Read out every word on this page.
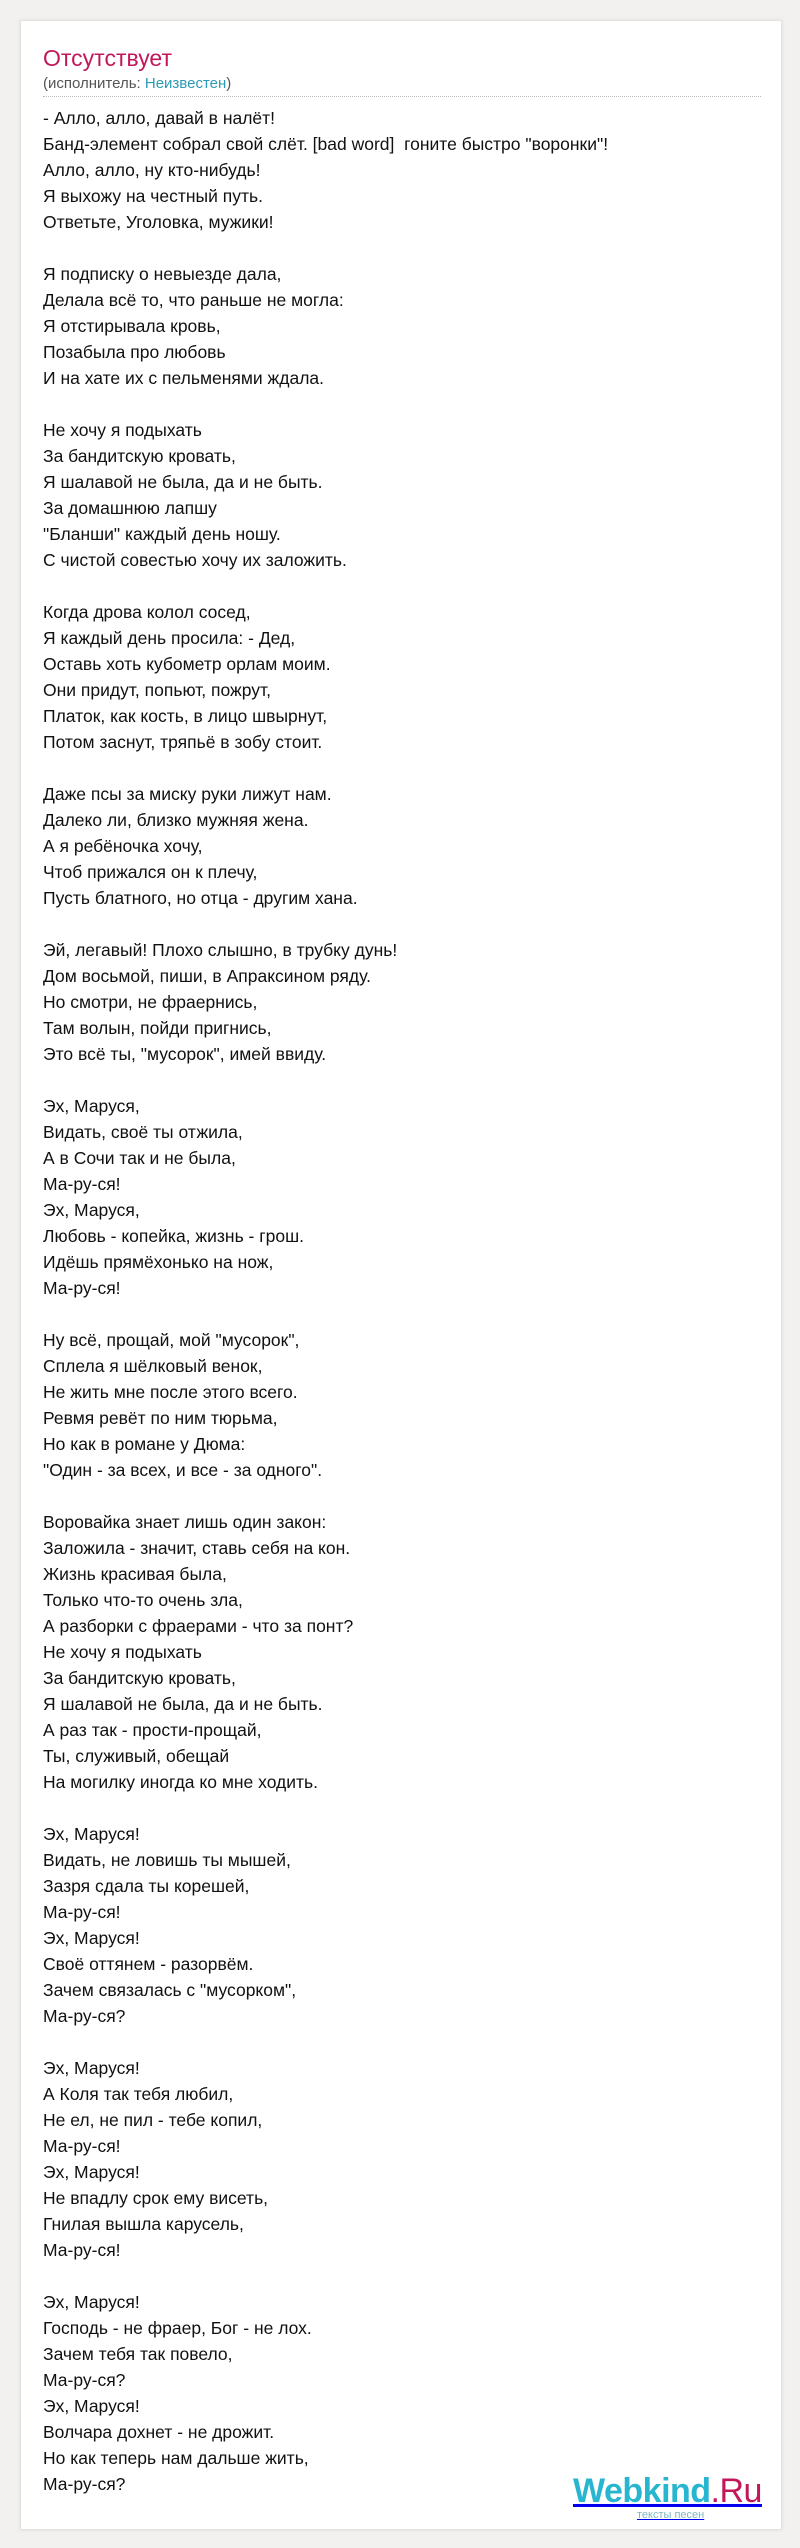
Отсутствует
(исполнитель: Неизвестен)
- Алло, алло, давай в налёт!
Банд-элемент собрал свой слёт. [bad word]  гоните быстро "воронки"!
Алло, алло, ну кто-нибудь!
Я выхожу на честный путь.
Ответьте, Уголовка, мужики!
Я подписку о невыезде дала,
Делала всё то, что раньше не могла:
Я отстирывала кровь,
Позабыла про любовь
И на хате их с пельменями ждала.
Не хочу я подыхать
За бандитскую кровать,
Я шалавой не была, да и не быть.
За домашнюю лапшу
"Бланши" каждый день ношу.
С чистой совестью хочу их заложить.
Когда дрова колол сосед,
Я каждый день просила: - Дед,
Оставь хоть кубометр орлам моим.
Они придут, попьют, пожрут,
Платок, как кость, в лицо швырнут,
Потом заснут, тряпьё в зобу стоит.
Даже псы за миску руки лижут нам.
Далеко ли, близко мужняя жена.
А я ребёночка хочу,
Чтоб прижался он к плечу,
Пусть блатного, но отца - другим хана.
Эй, легавый! Плохо слышно, в трубку дунь!
Дом восьмой, пиши, в Апраксином ряду.
Но смотри, не фраернись,
Там волын, пойди пригнись,
Это всё ты, "мусорок", имей ввиду.
Эх, Маруся,
Видать, своё ты отжила,
А в Сочи так и не была,
Ма-ру-ся!
Эх, Маруся,
Любовь - копейка, жизнь - грош.
Идёшь прямёхонько на нож,
Ма-ру-ся!
Ну всё, прощай, мой "мусорок",
Сплела я шёлковый венок,
Не жить мне после этого всего.
Ревмя ревёт по ним тюрьма,
Но как в романе у Дюма:
"Один - за всех, и все - за одного".
Воровайка знает лишь один закон:
Заложила - значит, ставь себя на кон.
Жизнь красивая была,
Только что-то очень зла,
А разборки с фраерами - что за понт?
Не хочу я подыхать
За бандитскую кровать,
Я шалавой не была, да и не быть.
А раз так - прости-прощай,
Ты, служивый, обещай
На могилку иногда ко мне ходить.
Эх, Маруся!
Видать, не ловишь ты мышей,
Зазря сдала ты корешей,
Ма-ру-ся!
Эх, Маруся!
Своё оттянем - разорвём.
Зачем связалась с "мусорком",
Ма-ру-ся?
Эх, Маруся!
А Коля так тебя любил,
Не ел, не пил - тебе копил,
Ма-ру-ся!
Эх, Маруся!
Не впадлу срок ему висеть,
Гнилая вышла карусель,
Ма-ру-ся!
Эх, Маруся!
Господь - не фраер, Бог - не лох.
Зачем тебя так повело,
Ма-ру-ся?
Эх, Маруся!
Волчара дохнет - не дрожит.
Но как теперь нам дальше жить,
Ма-ру-ся?	Webkind.Ru
тексты песен
